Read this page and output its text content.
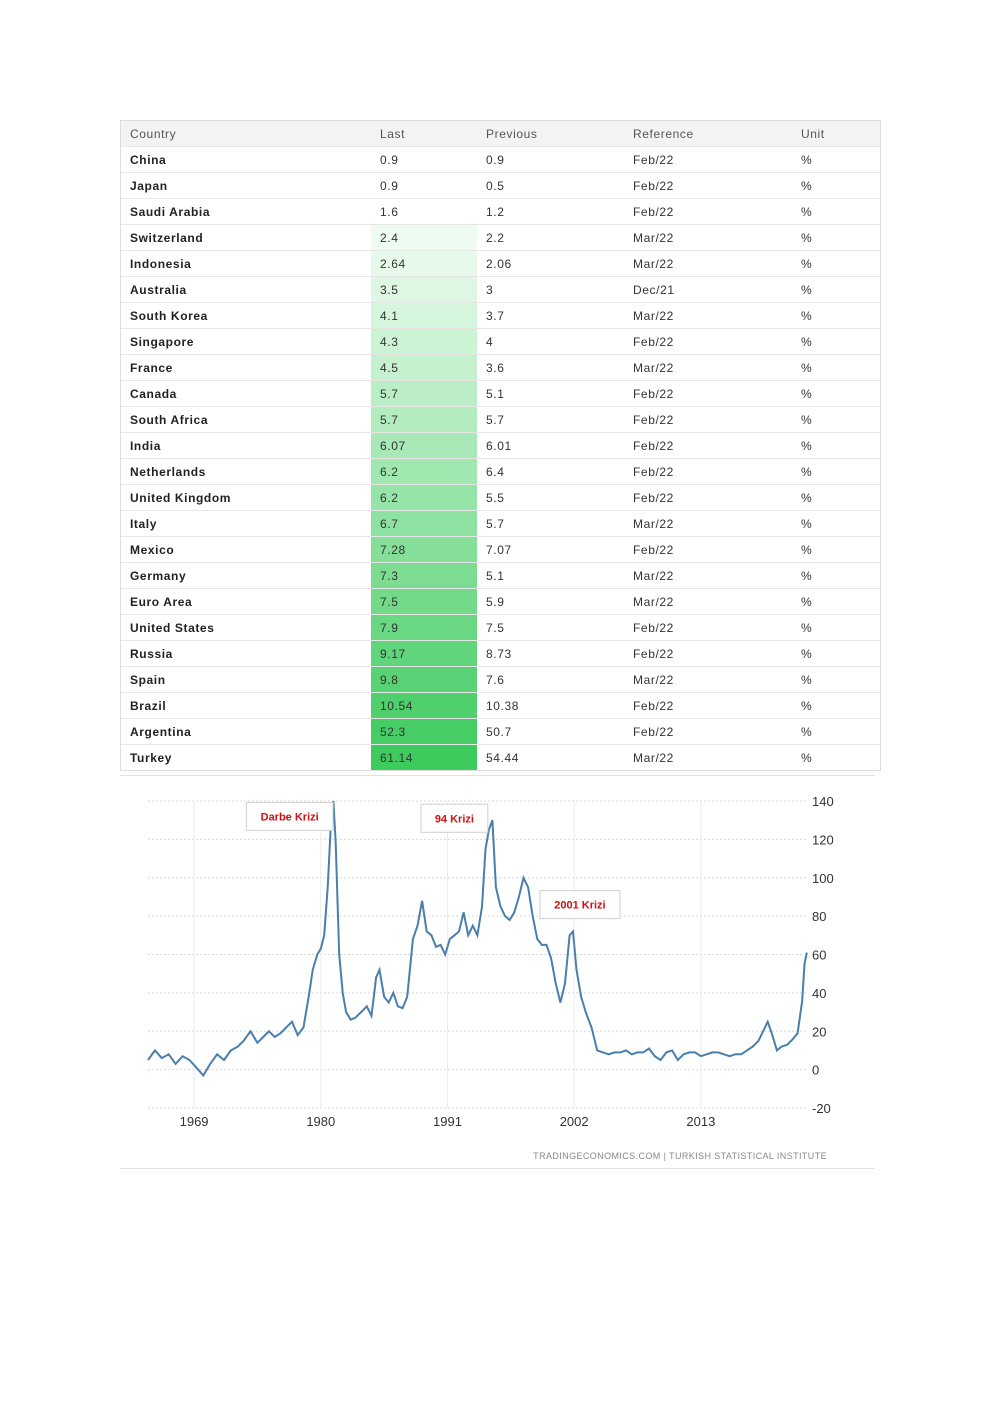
Country	Last	Previous	Reference	Unit
China	0.9	0.9	Feb/22	%
Japan	0.9	0.5	Feb/22	%
Saudi Arabia	1.6	1.2	Feb/22	%
Switzerland	2.4	2.2	Mar/22	%
Indonesia	2.64	2.06	Mar/22	%
Australia	3.5	3	Dec/21	%
South Korea	4.1	3.7	Mar/22	%
Singapore	4.3	4	Feb/22	%
France	4.5	3.6	Mar/22	%
Canada	5.7	5.1	Feb/22	%
South Africa	5.7	5.7	Feb/22	%
India	6.07	6.01	Feb/22	%
Netherlands	6.2	6.4	Feb/22	%
United Kingdom	6.2	5.5	Feb/22	%
Italy	6.7	5.7	Mar/22	%
Mexico	7.28	7.07	Feb/22	%
Germany	7.3	5.1	Mar/22	%
Euro Area	7.5	5.9	Mar/22	%
United States	7.9	7.5	Feb/22	%
Russia	9.17	8.73	Feb/22	%
Spain	9.8	7.6	Mar/22	%
Brazil	10.54	10.38	Feb/22	%
Argentina	52.3	50.7	Feb/22	%
Turkey	61.14	54.44	Mar/22	%
140
120
100
80
60
40
20
0
-20
1969	1980	1991	2002	2013
Darbe Krizi	94 Krizi
2001 Krizi
TRADINGECONOMICS.COM | TURKISH STATISTICAL INSTITUTE
